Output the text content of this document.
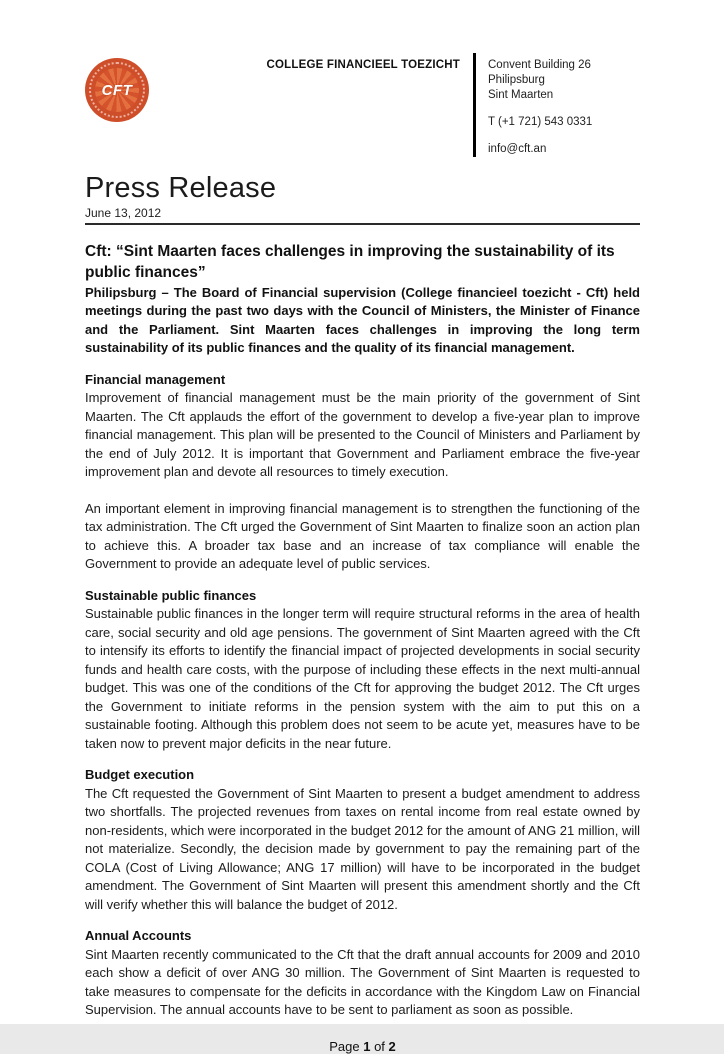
CFT
COLLEGE FINANCIEEL TOEZICHT	Convent Building 26
Philipsburg
Sint Maarten
T (+1 721) 543 0331
info@cft.an
Press Release
June 13, 2012
Cft: “Sint Maarten faces challenges in improving the sustainability of its public finances”

Philipsburg – The Board of Financial supervision (College financieel toezicht - Cft) held meetings during the past two days with the Council of Ministers, the Minister of Finance and the Parliament. Sint Maarten faces challenges in improving the long term sustainability of its public finances and the quality of its financial management.

Financial management

Improvement of financial management must be the main priority of the government of Sint Maarten. The Cft applauds the effort of the government to develop a five-year plan to improve financial management. This plan will be presented to the Council of Ministers and Parliament by the end of July 2012. It is important that Government and Parliament embrace the five-year improvement plan and devote all resources to timely execution.

An important element in improving financial management is to strengthen the functioning of the tax administration. The Cft urged the Government of Sint Maarten to finalize soon an action plan to achieve this. A broader tax base and an increase of tax compliance will enable the Government to provide an adequate level of public services.

Sustainable public finances

Sustainable public finances in the longer term will require structural reforms in the area of health care, social security and old age pensions. The government of Sint Maarten agreed with the Cft to intensify its efforts to identify the financial impact of projected developments in social security funds and health care costs, with the purpose of including these effects in the next multi-annual budget. This was one of the conditions of the Cft for approving the budget 2012. The Cft urges the Government to initiate reforms in the pension system with the aim to put this on a sustainable footing. Although this problem does not seem to be acute yet, measures have to be taken now to prevent major deficits in the near future.

Budget execution

The Cft requested the Government of Sint Maarten to present a budget amendment to address two shortfalls. The projected revenues from taxes on rental income from real estate owned by non-residents, which were incorporated in the budget 2012 for the amount of ANG 21 million, will not materialize. Secondly, the decision made by government to pay the remaining part of the COLA (Cost of Living Allowance; ANG 17 million) will have to be incorporated in the budget amendment. The Government of Sint Maarten will present this amendment shortly and the Cft will verify whether this will balance the budget of 2012.

Annual Accounts

Sint Maarten recently communicated to the Cft that the draft annual accounts for 2009 and 2010 each show a deficit of over ANG 30 million. The Government of Sint Maarten is requested to take measures to compensate for the deficits in accordance with the Kingdom Law on Financial Supervision. The annual accounts have to be sent to parliament as soon as possible.

Page 1 of 2
